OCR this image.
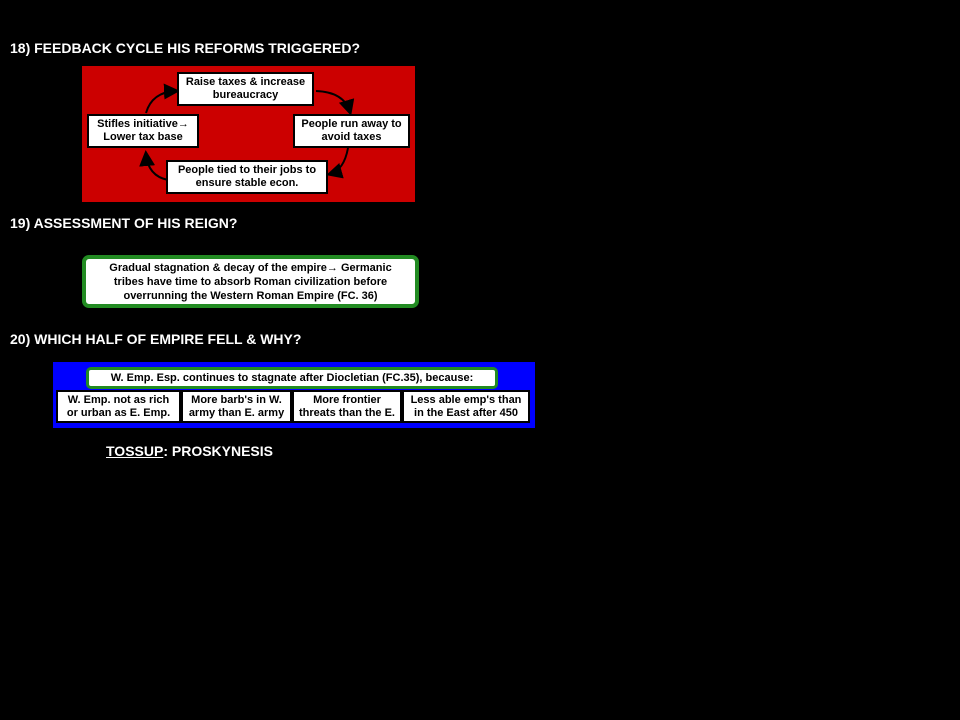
18) FEEDBACK CYCLE HIS REFORMS TRIGGERED?
Raise taxes & increase
bureaucracy
People run away to
avoid taxes
People tied to their jobs to
ensure stable econ.
Stifles initiative→
Lower tax base
19) ASSESSMENT OF HIS REIGN?
Gradual stagnation & decay of the empire→ Germanic
tribes have time to absorb Roman civilization before
overrunning the Western Roman Empire (FC. 36)
20) WHICH HALF OF EMPIRE FELL & WHY?
W. Emp. Esp. continues to stagnate after Diocletian (FC.35), because:
W. Emp. not as rich
or urban as E. Emp.
More barb's in W.
army than E. army
More frontier
threats than the E.
Less able emp's than
in the East after 450
TOSSUP: PROSKYNESIS
